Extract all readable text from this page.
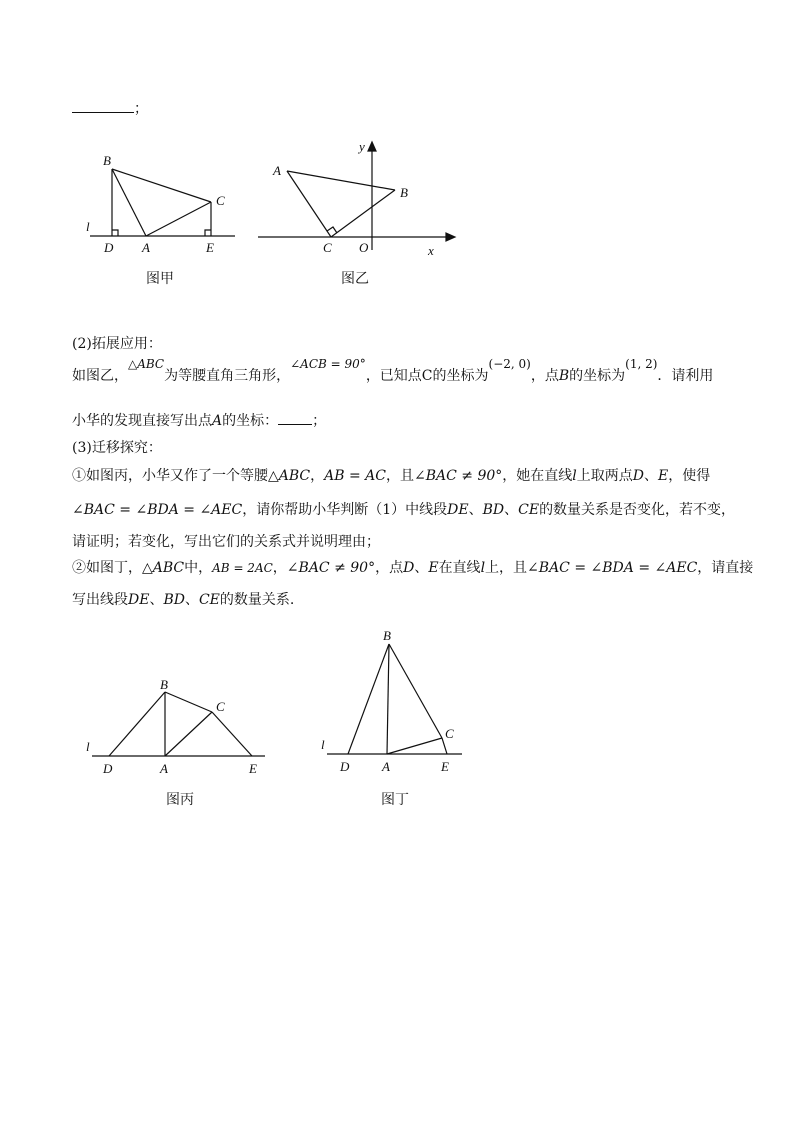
；
B
C
l
D A	E
图甲
A
B
C O	x
y
图乙
(2)拓展应用：
如图乙，△ABC为等腰直角三角形，∠ACB = 90°，已知点C的坐标为(−2, 0)，点B的坐标为(1, 2)．请利用
小华的发现直接写出点A的坐标： ；
(3)迁移探究：
①如图丙，小华又作了一个等腰△ABC，AB = AC，且∠BAC ≠ 90°，她在直线l上取两点D、E，使得
∠BAC = ∠BDA = ∠AEC，请你帮助小华判断（1）中线段DE、BD、CE的数量关系是否变化，若不变，
请证明；若变化，写出它们的关系式并说明理由；
②如图丁，△ABC中，AB = 2AC，∠BAC ≠ 90°，点D、E在直线l上，且∠BAC = ∠BDA = ∠AEC，请直接
写出线段DE、BD、CE的数量关系.
B
C
l
D	A	E
图丙
B
C
l
D	A	E
图丁
